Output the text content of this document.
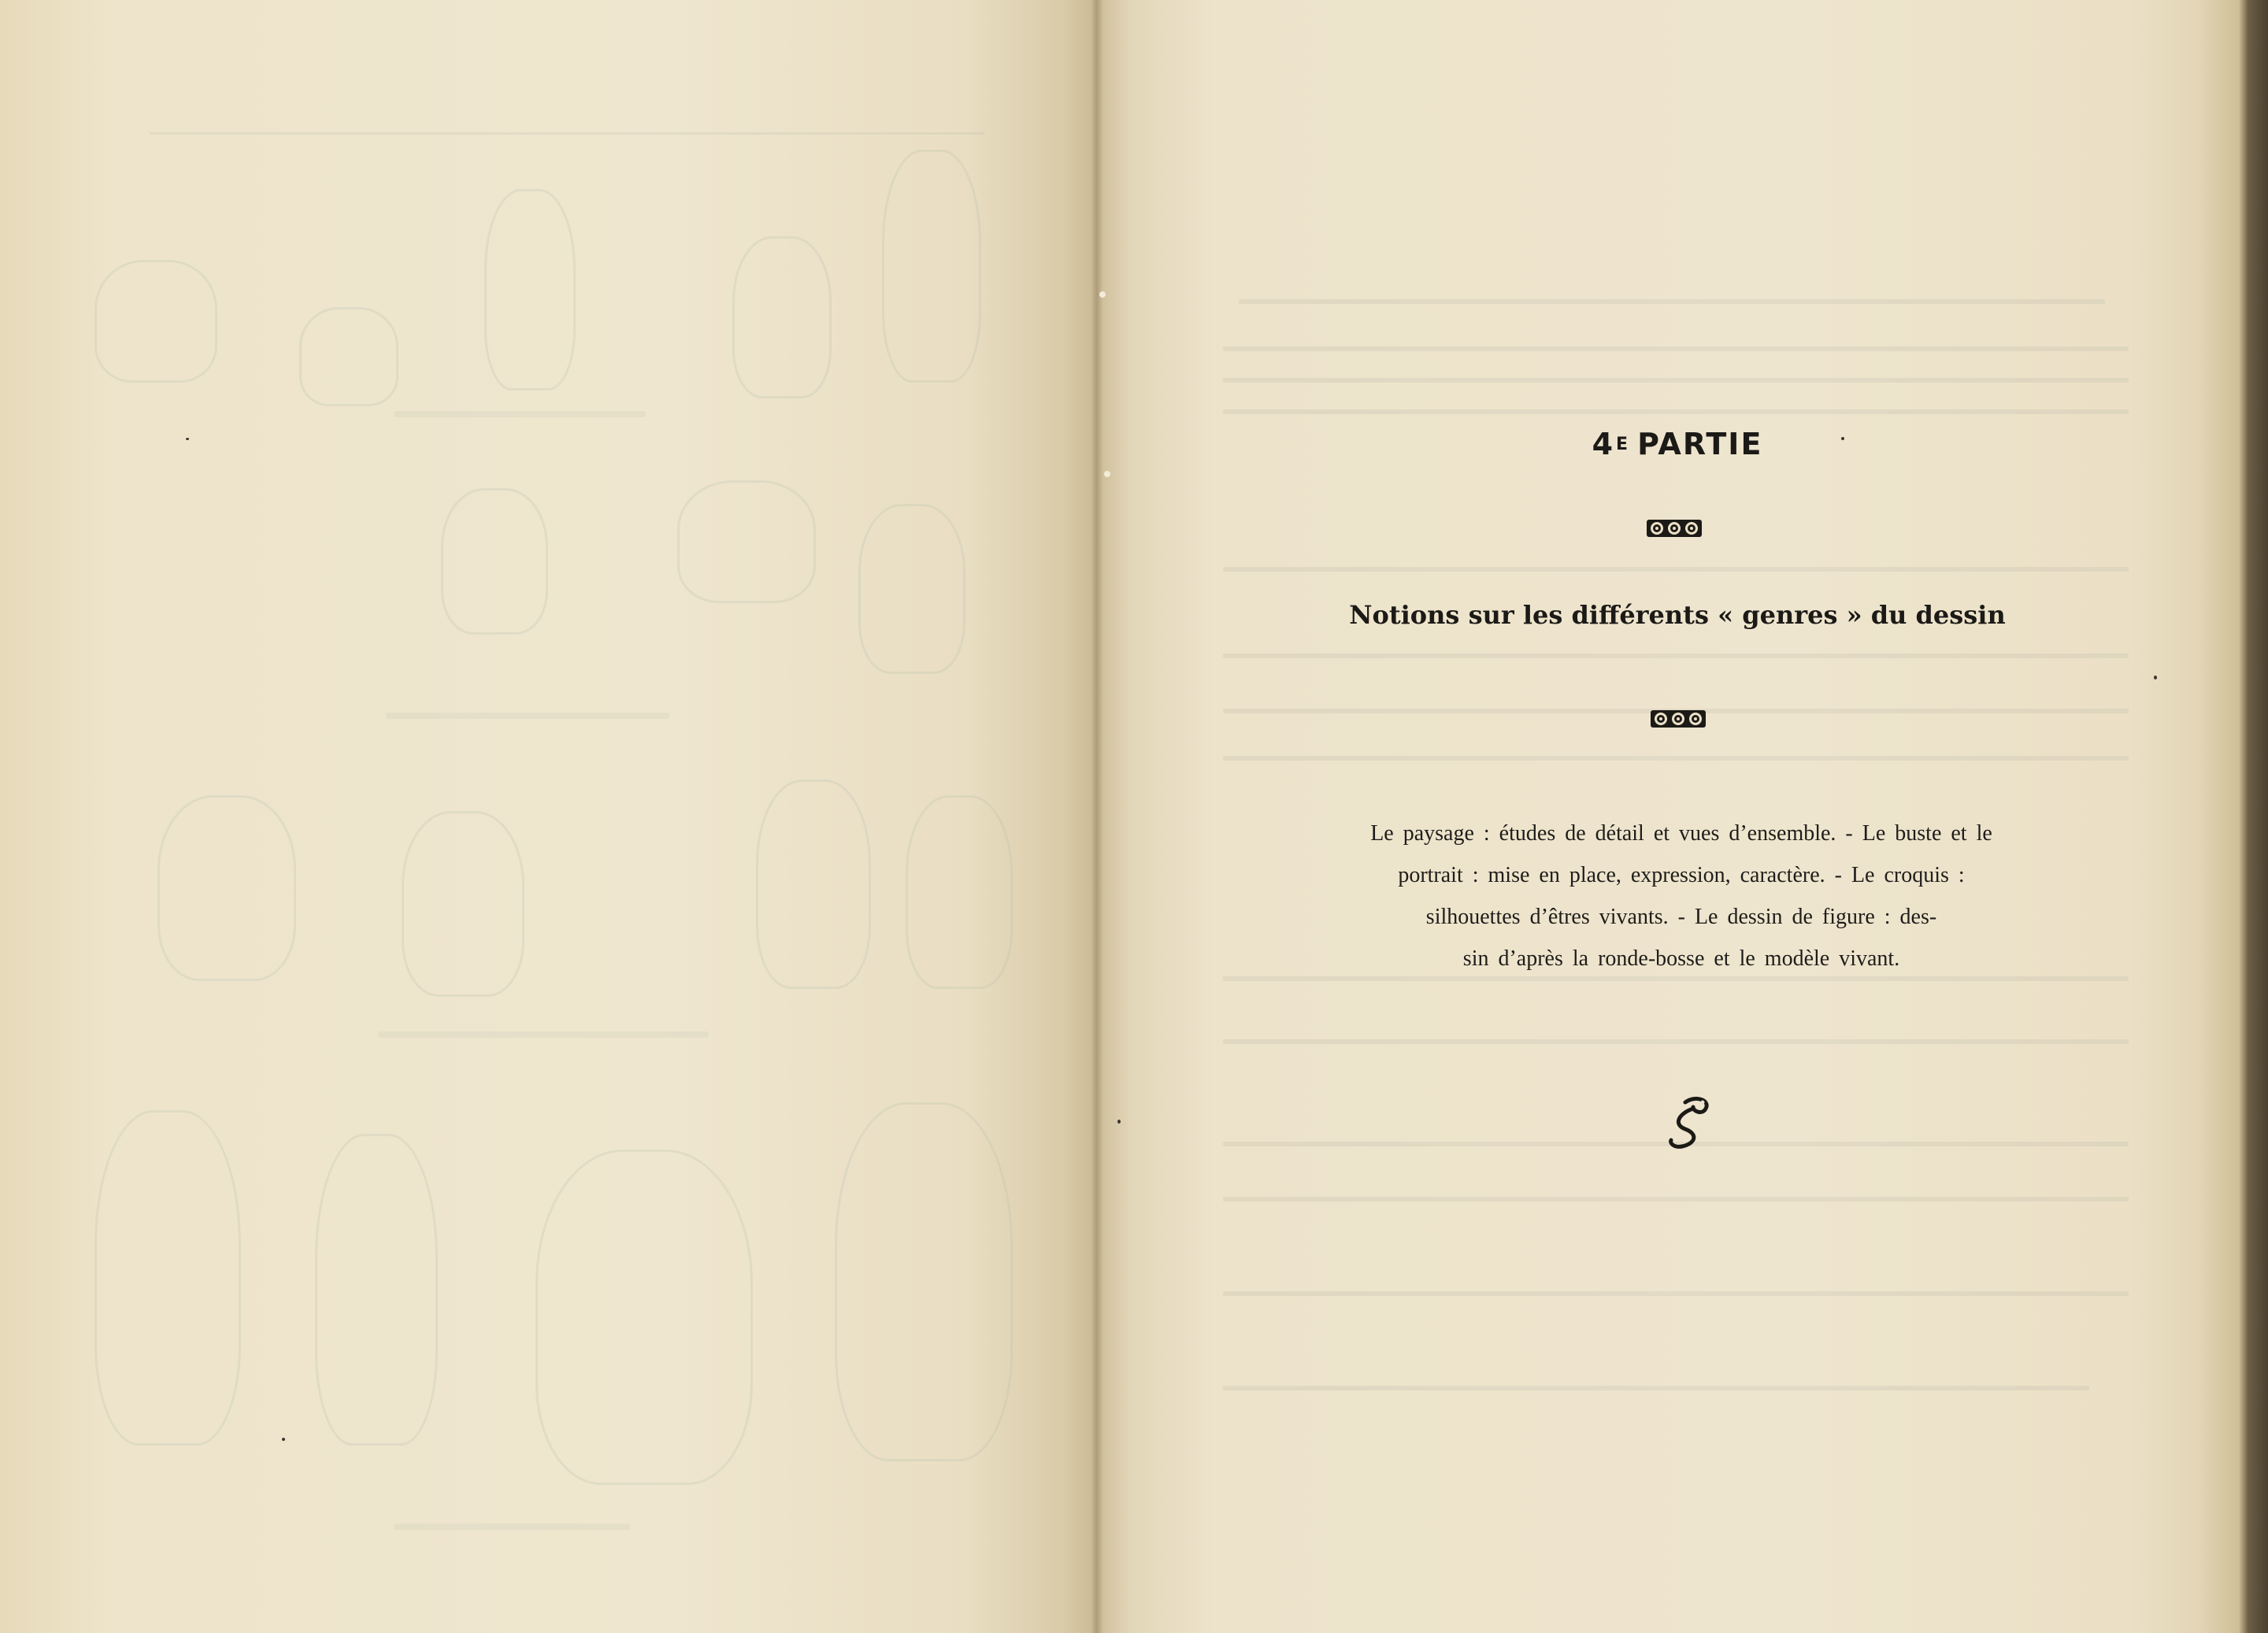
$4^E$ PARTIE
Notions sur les différents « genres » du dessin
Le paysage : études de détail et vues d’ensemble. - Le buste et le
portrait : mise en place, expression, caractère. - Le croquis :
silhouettes d’êtres vivants. - Le dessin de figure : des-
sin d’après la ronde-bosse et le modèle vivant.
